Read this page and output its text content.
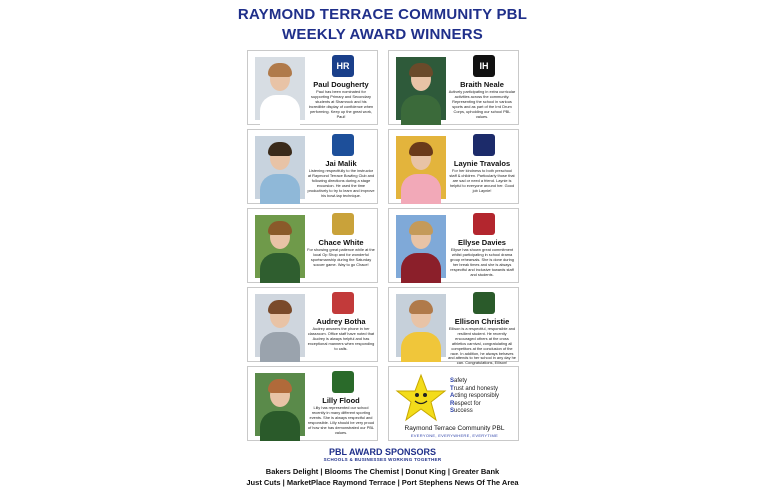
RAYMOND TERRACE COMMUNITY PBL
WEEKLY AWARD WINNERS
HR
Paul Dougherty
Paul has been nominated for supporting Primary and Secondary students at Shamrock and his incredible display of confidence when performing. Keep up the great work, Paul!
IH
Braith Neale
Actively participating in extra curricular activities across the community. Representing the school in various sports and as part of the Irrd Drum Corps, upholding our school PBL values.
Jai Malik
Listening respectfully to the instructor at Raymond Terrace Bowling Club and following directions during a stage excursion. He used the time productively to try to learn and improve his bowl-tap technique.
Laynie Travalos
For her kindness to both preschool staff & children. Particularly those that are sad or need a friend. Laynie is helpful to everyone around her. Good job Laynie!
Chace White
For showing great patience while at the local Op Shop and for wonderful sportsmanship during the Saturday soccer game. Way to go Chace!
Ellyse Davies
Ellyse has shown great commitment whilst participating in school drama group rehearsals. She is done during her break times and she is always respectful and inclusive towards staff and students.
Audrey Botha
Audrey answers the phone in her classroom. Office staff have noted that Audrey is always helpful and has exceptional manners when responding to calls.
Ellison Christie
Ellison is a respectful, responsible and resilient student. He recently encouraged others at the cross athletics carnival, congratulating all competitors at the conclusion of the race. In addition, he always behaves and attends to her school in any day he can. Congratulations, Ellison!
Lilly Flood
Lilly has represented our school recently in many different sporting events. She is always respectful and responsible. Lilly should be very proud of how she has demonstrated our PBL values.
Safety
Trust and honesty
Acting responsibly
Respect for
Success
Raymond Terrace Community PBL
EVERYONE, EVERYWHERE, EVERYTIME
PBL AWARD SPONSORS
SCHOOLS & BUSINESSES WORKING TOGETHER
Bakers Delight | Blooms The Chemist | Donut King | Greater Bank
Just Cuts | MarketPlace Raymond Terrace | Port Stephens News Of The Area
